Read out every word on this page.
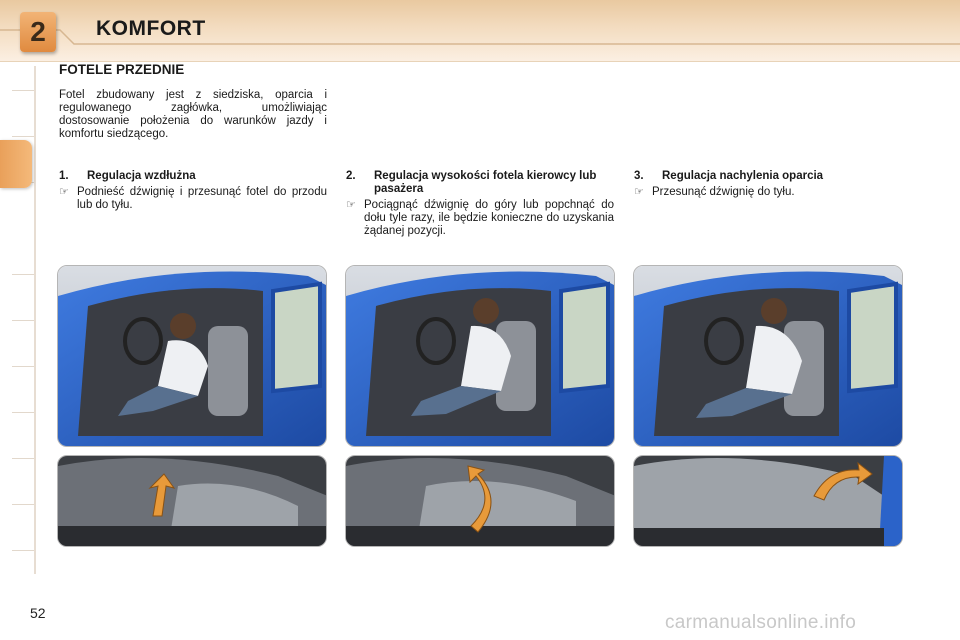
2	KOMFORT
FOTELE PRZEDNIE
Fotel zbudowany jest z siedziska, oparcia i regulowanego zagłówka, umożliwiając dostosowanie położenia do warunków jazdy i komfortu siedzącego.
1.	Regulacja wzdłużna
☞ Podnieść dźwignię i przesunąć fotel do przodu lub do tyłu.
2.	Regulacja wysokości fotela kierowcy lub pasażera
☞ Pociągnąć dźwignię do góry lub popchnąć do dołu tyle razy, ile będzie konieczne do uzyskania żądanej pozycji.
3.	Regulacja nachylenia oparcia
☞ Przesunąć dźwignię do tyłu.
52	carmanualsonline.info
